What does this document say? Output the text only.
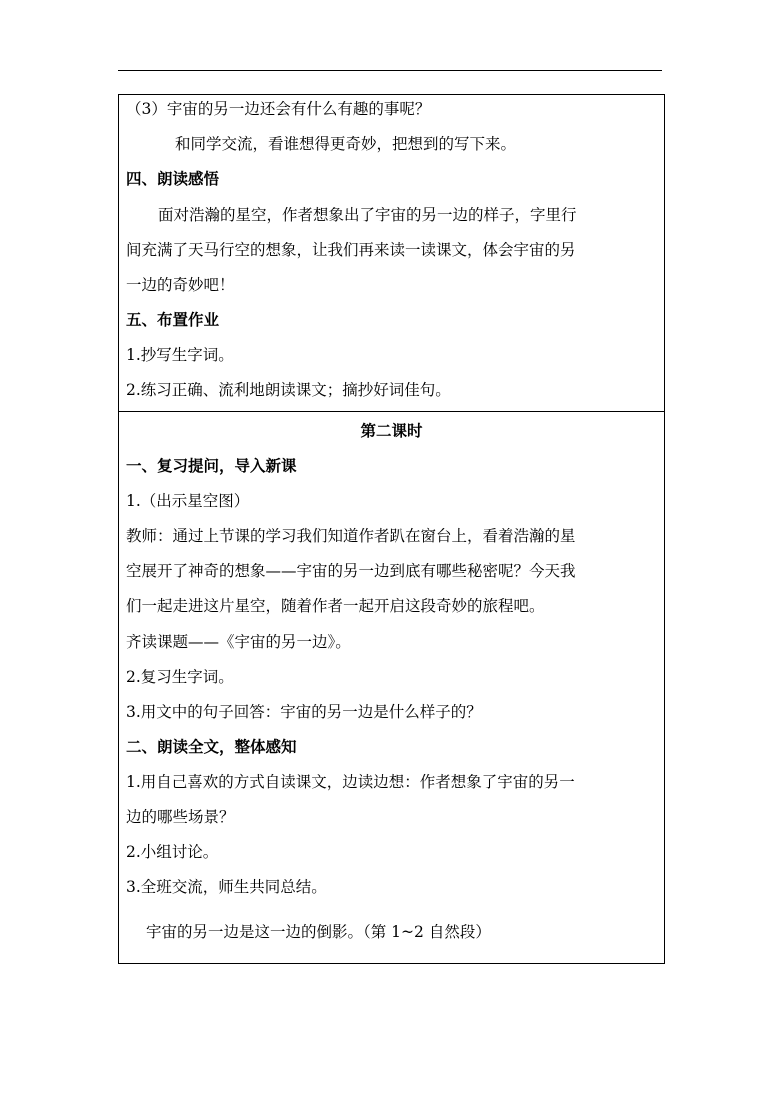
（3）宇宙的另一边还会有什么有趣的事呢？
和同学交流，看谁想得更奇妙，把想到的写下来。
四、朗读感悟
面对浩瀚的星空，作者想象出了宇宙的另一边的样子，字里行
间充满了天马行空的想象，让我们再来读一读课文，体会宇宙的另
一边的奇妙吧！
五、布置作业
1.抄写生字词。
2.练习正确、流利地朗读课文；摘抄好词佳句。
第二课时
一、复习提问，导入新课
1.（出示星空图）
教师：通过上节课的学习我们知道作者趴在窗台上，看着浩瀚的星
空展开了神奇的想象——宇宙的另一边到底有哪些秘密呢？今天我
们一起走进这片星空，随着作者一起开启这段奇妙的旅程吧。
齐读课题——《宇宙的另一边》。
2.复习生字词。
3.用文中的句子回答：宇宙的另一边是什么样子的？
二、朗读全文，整体感知
1.用自己喜欢的方式自读课文，边读边想：作者想象了宇宙的另一
边的哪些场景？
2.小组讨论。
3.全班交流，师生共同总结。
宇宙的另一边是这一边的倒影。（第 1~2 自然段）
